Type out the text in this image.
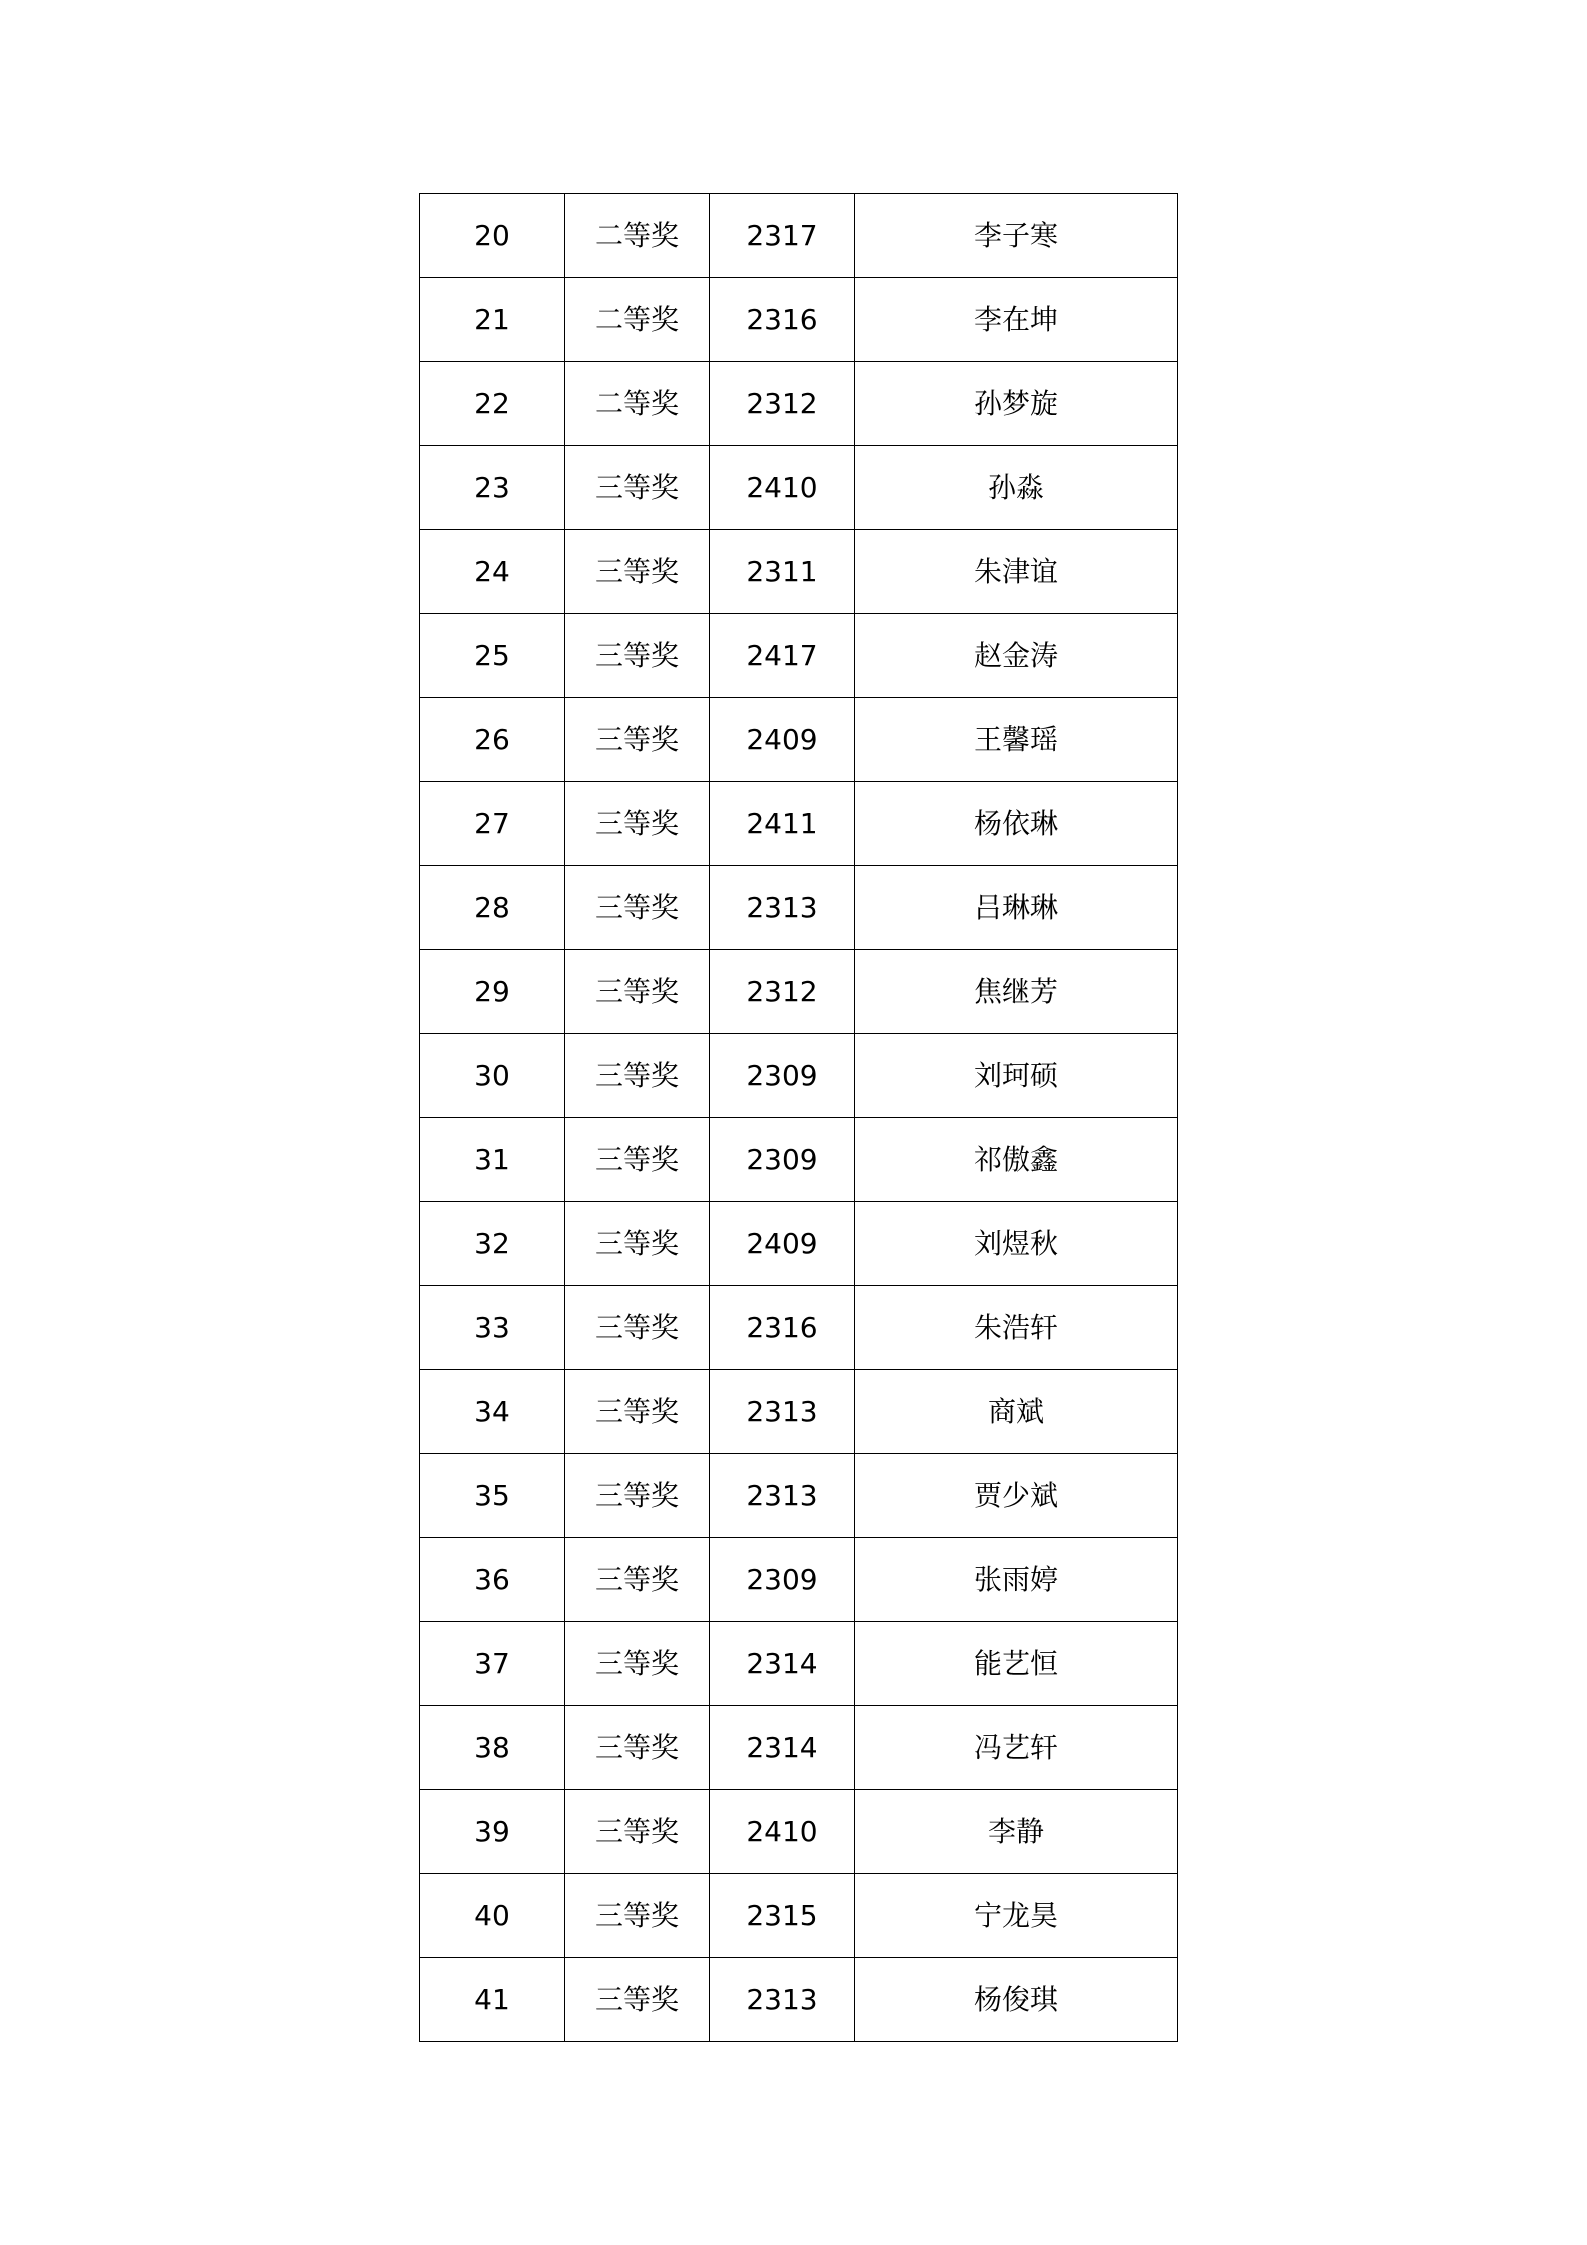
20	二等奖	2317	李子寒
21	二等奖	2316	李在坤
22	二等奖	2312	孙梦旋
23	三等奖	2410	孙淼
24	三等奖	2311	朱津谊
25	三等奖	2417	赵金涛
26	三等奖	2409	王馨瑶
27	三等奖	2411	杨依琳
28	三等奖	2313	吕琳琳
29	三等奖	2312	焦继芳
30	三等奖	2309	刘珂硕
31	三等奖	2309	祁傲鑫
32	三等奖	2409	刘煜秋
33	三等奖	2316	朱浩轩
34	三等奖	2313	商斌
35	三等奖	2313	贾少斌
36	三等奖	2309	张雨婷
37	三等奖	2314	能艺恒
38	三等奖	2314	冯艺轩
39	三等奖	2410	李静
40	三等奖	2315	宁龙昊
41	三等奖	2313	杨俊琪
